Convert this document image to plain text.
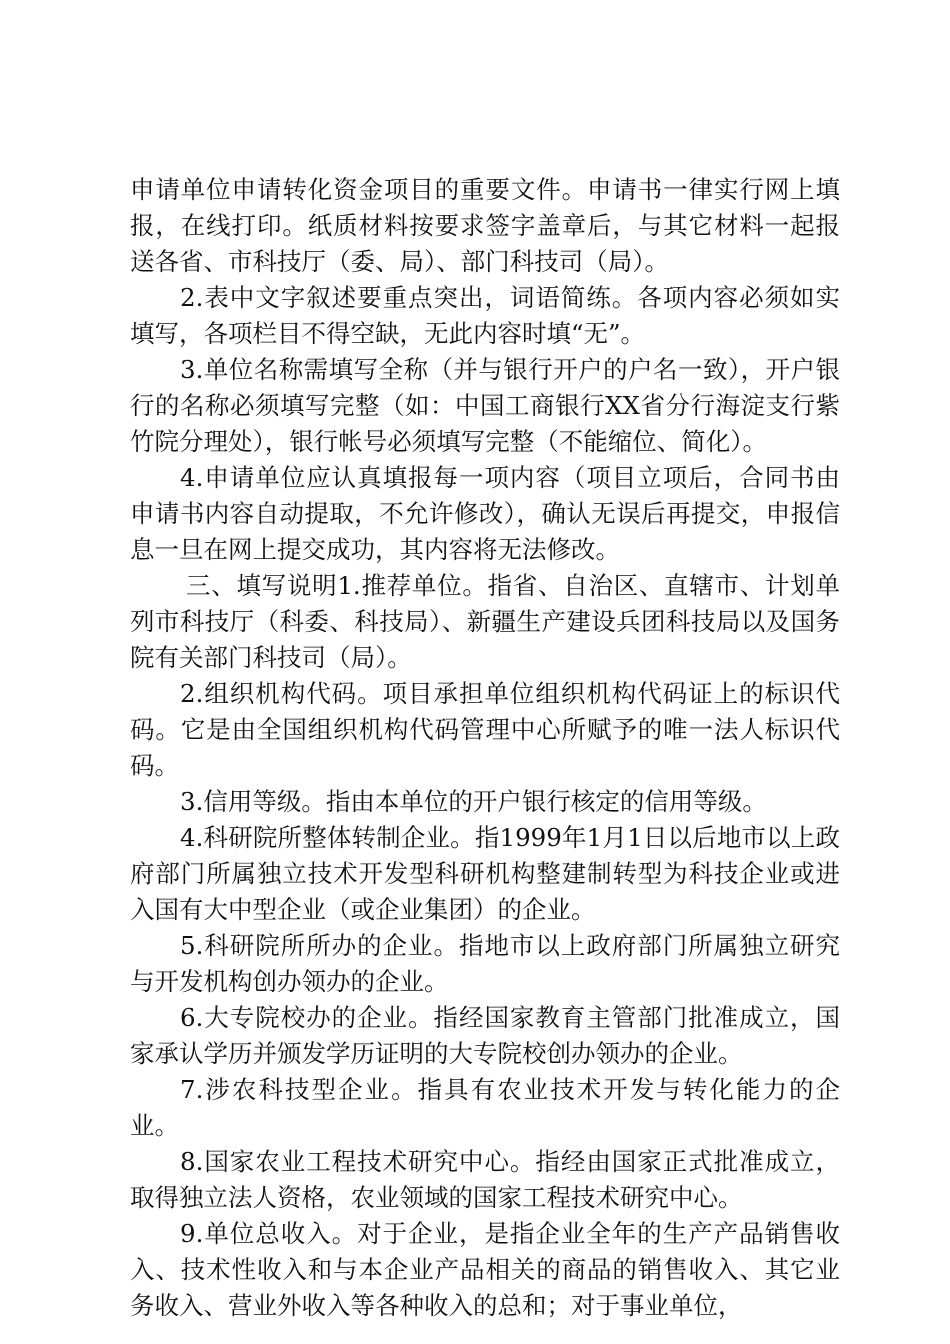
申请单位申请转化资金项目的重要文件。申请书一律实行网上填报，在线打印。纸质材料按要求签字盖章后，与其它材料一起报送各省、市科技厅（委、局）、部门科技司（局）。

2.表中文字叙述要重点突出，词语简练。各项内容必须如实填写，各项栏目不得空缺，无此内容时填“无”。

3.单位名称需填写全称（并与银行开户的户名一致），开户银行的名称必须填写完整（如：中国工商银行XX省分行海淀支行紫竹院分理处），银行帐号必须填写完整（不能缩位、简化）。

4.申请单位应认真填报每一项内容（项目立项后，合同书由申请书内容自动提取，不允许修改），确认无误后再提交，申报信息一旦在网上提交成功，其内容将无法修改。

三、填写说明1.推荐单位。指省、自治区、直辖市、计划单列市科技厅（科委、科技局）、新疆生产建设兵团科技局以及国务院有关部门科技司（局）。

2.组织机构代码。项目承担单位组织机构代码证上的标识代码。它是由全国组织机构代码管理中心所赋予的唯一法人标识代码。

3.信用等级。指由本单位的开户银行核定的信用等级。

4.科研院所整体转制企业。指1999年1月1日以后地市以上政府部门所属独立技术开发型科研机构整建制转型为科技企业或进入国有大中型企业（或企业集团）的企业。

5.科研院所所办的企业。指地市以上政府部门所属独立研究与开发机构创办领办的企业。

6.大专院校办的企业。指经国家教育主管部门批准成立，国家承认学历并颁发学历证明的大专院校创办领办的企业。

7.涉农科技型企业。指具有农业技术开发与转化能力的企业。

8.国家农业工程技术研究中心。指经由国家正式批准成立，取得独立法人资格，农业领域的国家工程技术研究中心。

9.单位总收入。对于企业，是指企业全年的生产产品销售收入、技术性收入和与本企业产品相关的商品的销售收入、其它业务收入、营业外收入等各种收入的总和；对于事业单位，
